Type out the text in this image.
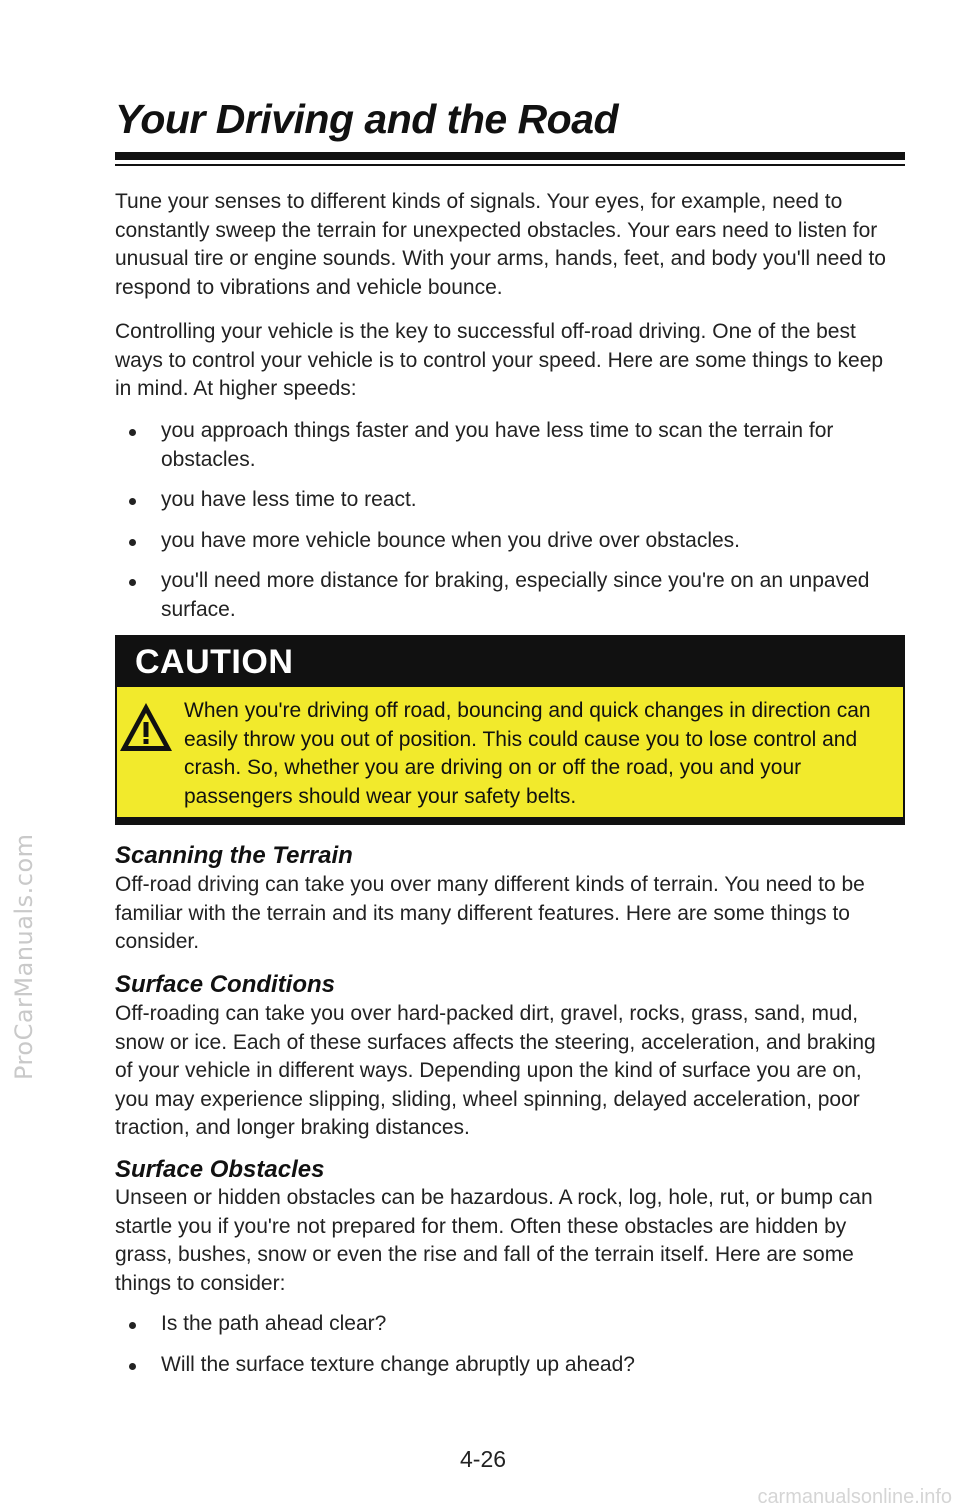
ProCarManuals.com
Your Driving and the Road

Tune your senses to different kinds of signals. Your eyes, for example, need to constantly sweep the terrain for unexpected obstacles. Your ears need to listen for unusual tire or engine sounds. With your arms, hands, feet, and body you'll need to respond to vibrations and vehicle bounce.

Controlling your vehicle is the key to successful off-road driving. One of the best ways to control your vehicle is to control your speed. Here are some things to keep in mind. At higher speeds:

you approach things faster and you have less time to scan the terrain for obstacles.
you have less time to react.
you have more vehicle bounce when you drive over obstacles.
you'll need more distance for braking, especially since you're on an unpaved surface.
CAUTION

When you're driving off road, bouncing and quick changes in direction can easily throw you out of position. This could cause you to lose control and crash. So, whether you are driving on or off the road, you and your passengers should wear your safety belts.

Scanning the Terrain

Off-road driving can take you over many different kinds of terrain. You need to be familiar with the terrain and its many different features. Here are some things to consider.

Surface Conditions

Off-roading can take you over hard-packed dirt, gravel, rocks, grass, sand, mud, snow or ice. Each of these surfaces affects the steering, acceleration, and braking of your vehicle in different ways. Depending upon the kind of surface you are on, you may experience slipping, sliding, wheel spinning, delayed acceleration, poor traction, and longer braking distances.

Surface Obstacles

Unseen or hidden obstacles can be hazardous. A rock, log, hole, rut, or bump can startle you if you're not prepared for them. Often these obstacles are hidden by grass, bushes, snow or even the rise and fall of the terrain itself. Here are some things to consider:

Is the path ahead clear?
Will the surface texture change abruptly up ahead?

4-26

carmanualsonline.info
